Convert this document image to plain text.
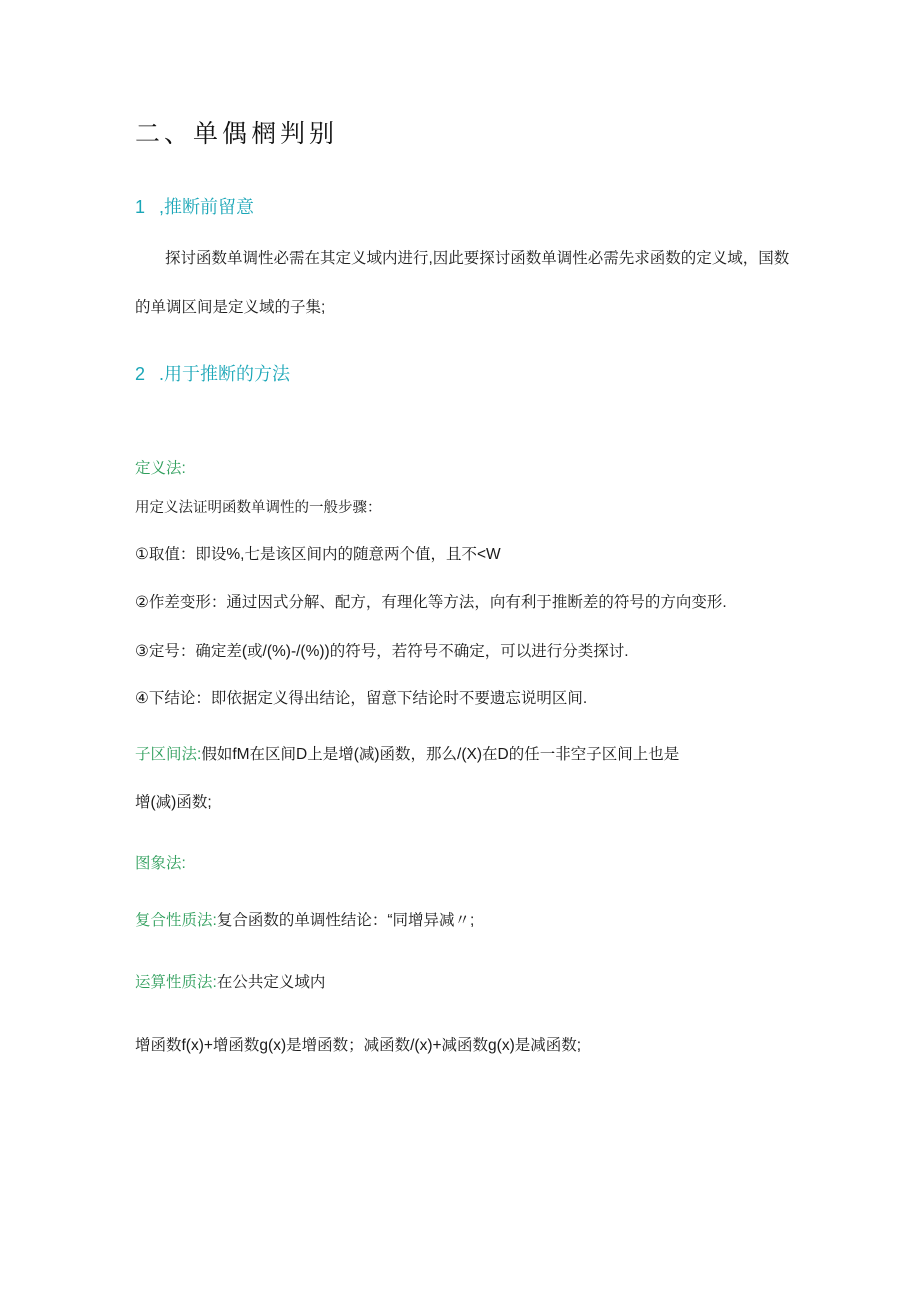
二、单偶棢判别
1 ,推断前留意
探讨函数单调性必需在其定义域内进行,因此要探讨函数单调性必需先求函数的定义域，国数
的单调区间是定义域的子集;
2 .用于推断的方法
定义法:
用定义法证明函数单调性的一般步骤：
①取值：即设%,七是该区间内的随意两个值，且不<W
②作差变形：通过因式分解、配方，有理化等方法，向有利于推断差的符号的方向变形.
③定号：确定差(或/(%)-/(%))的符号，若符号不确定，可以进行分类探讨.
④下结论：即依据定义得出结论，留意下结论时不要遗忘说明区间.
子区间法:假如fM在区间D上是增(减)函数，那么/(X)在D的任一非空子区间上也是
增(减)函数;
图象法:
复合性质法:复合函数的单调性结论：“同增异减〃;
运算性质法:在公共定义域内
增函数f(x)+增函数g(x)是增函数；减函数/(x)+减函数g(x)是减函数;
